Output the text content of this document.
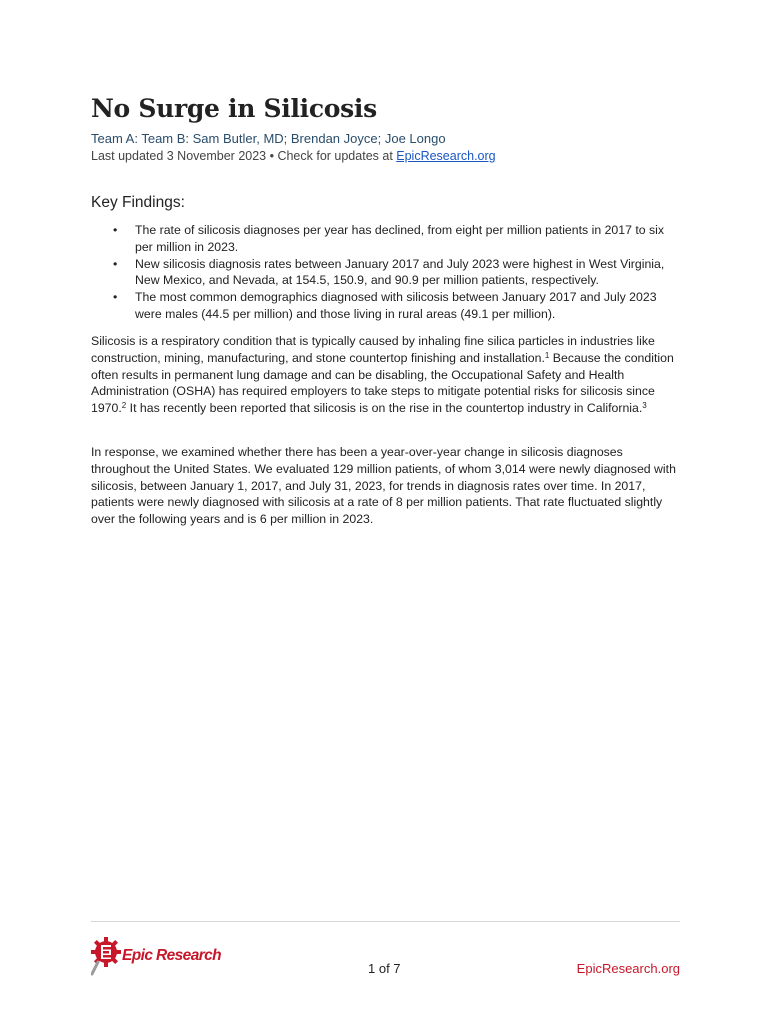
No Surge in Silicosis
Team A: Team B: Sam Butler, MD; Brendan Joyce; Joe Longo
Last updated 3 November 2023 • Check for updates at EpicResearch.org
Key Findings:
• The rate of silicosis diagnoses per year has declined, from eight per million patients in 2017 to six per million in 2023.
• New silicosis diagnosis rates between January 2017 and July 2023 were highest in West Virginia, New Mexico, and Nevada, at 154.5, 150.9, and 90.9 per million patients, respectively.
• The most common demographics diagnosed with silicosis between January 2017 and July 2023 were males (44.5 per million) and those living in rural areas (49.1 per million).

Silicosis is a respiratory condition that is typically caused by inhaling fine silica particles in industries like construction, mining, manufacturing, and stone countertop finishing and installation.$^1$ Because the condition often results in permanent lung damage and can be disabling, the Occupational Safety and Health Administration (OSHA) has required employers to take steps to mitigate potential risks for silicosis since 1970.$^2$ It has recently been reported that silicosis is on the rise in the countertop industry in California.$^3$

In response, we examined whether there has been a year-over-year change in silicosis diagnoses throughout the United States. We evaluated 129 million patients, of whom 3,014 were newly diagnosed with silicosis, between January 1, 2017, and July 31, 2023, for trends in diagnosis rates over time. In 2017, patients were newly diagnosed with silicosis at a rate of 8 per million patients. That rate fluctuated slightly over the following years and is 6 per million in 2023.

Epic Research
1 of 7	EpicResearch.org
